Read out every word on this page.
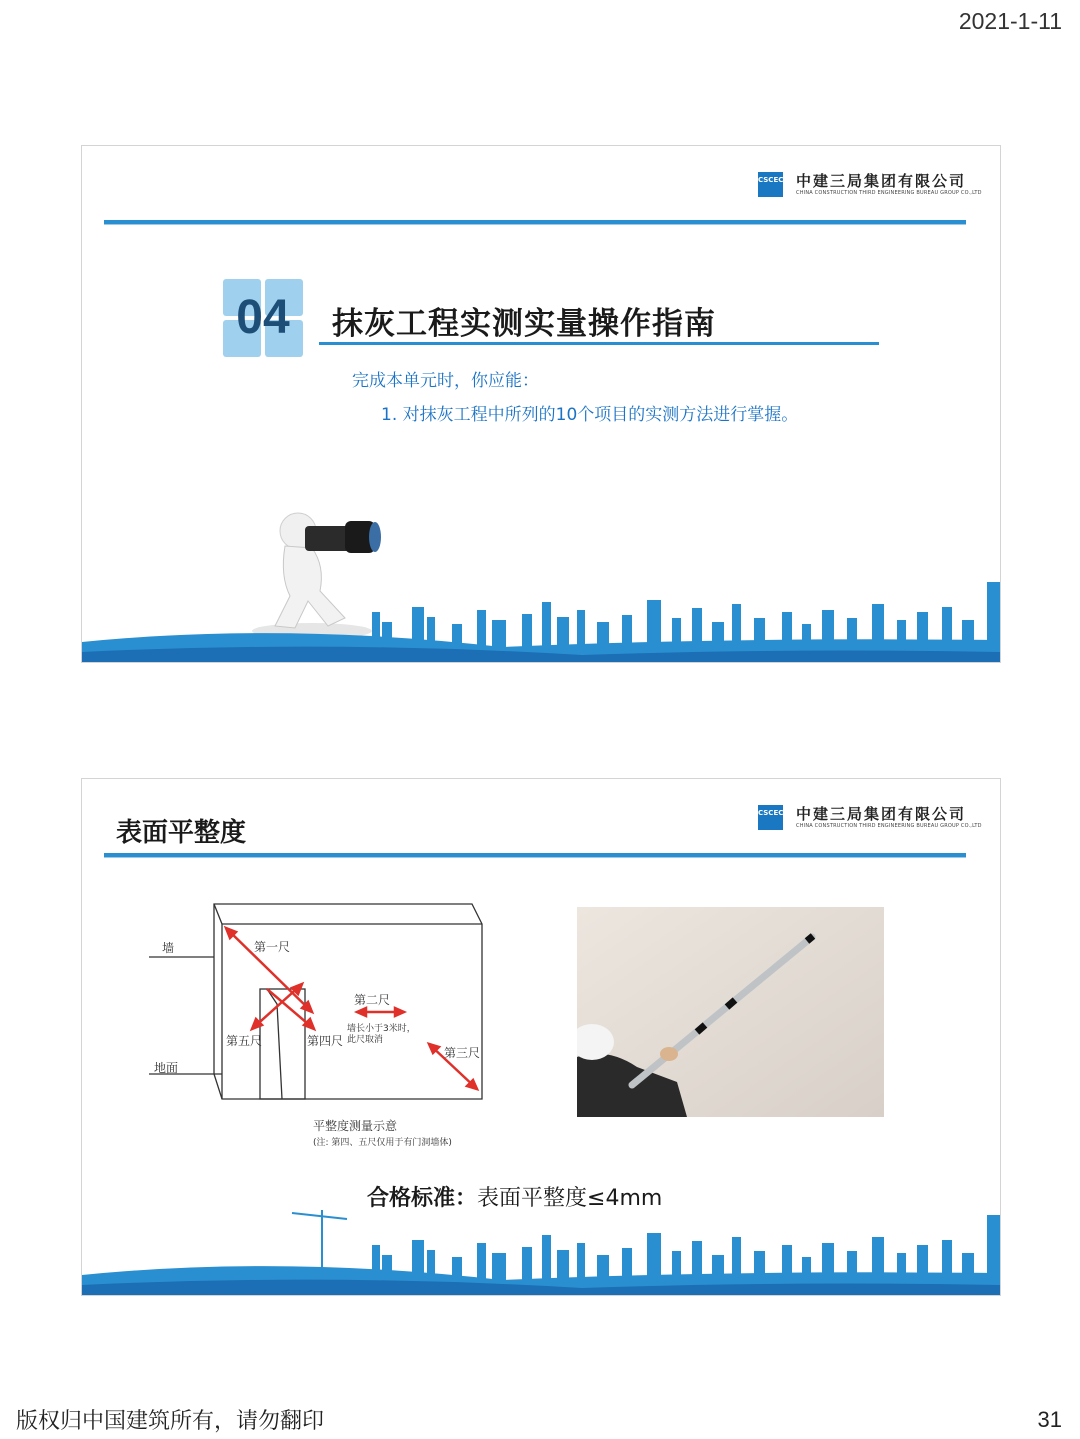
2021-1-11
CSCEC 中建三局集团有限公司
CHINA CONSTRUCTION THIRD ENGINEERING BUREAU GROUP CO.,LTD
04	抹灰工程实测实量操作指南
完成本单元时，你应能：
1. 对抹灰工程中所列的10个项目的实测方法进行掌握。
表面平整度
CSCEC 中建三局集团有限公司
CHINA CONSTRUCTION THIRD ENGINEERING BUREAU GROUP CO.,LTD
墙
地面
第一尺
第二尺
墙长小于3米时，
此尺取消
第三尺
第四尺
第五尺
平整度测量示意
(注: 第四、五尺仅用于有门洞墙体)
合格标准：表面平整度≤4mm
版权归中国建筑所有，请勿翻印	31
